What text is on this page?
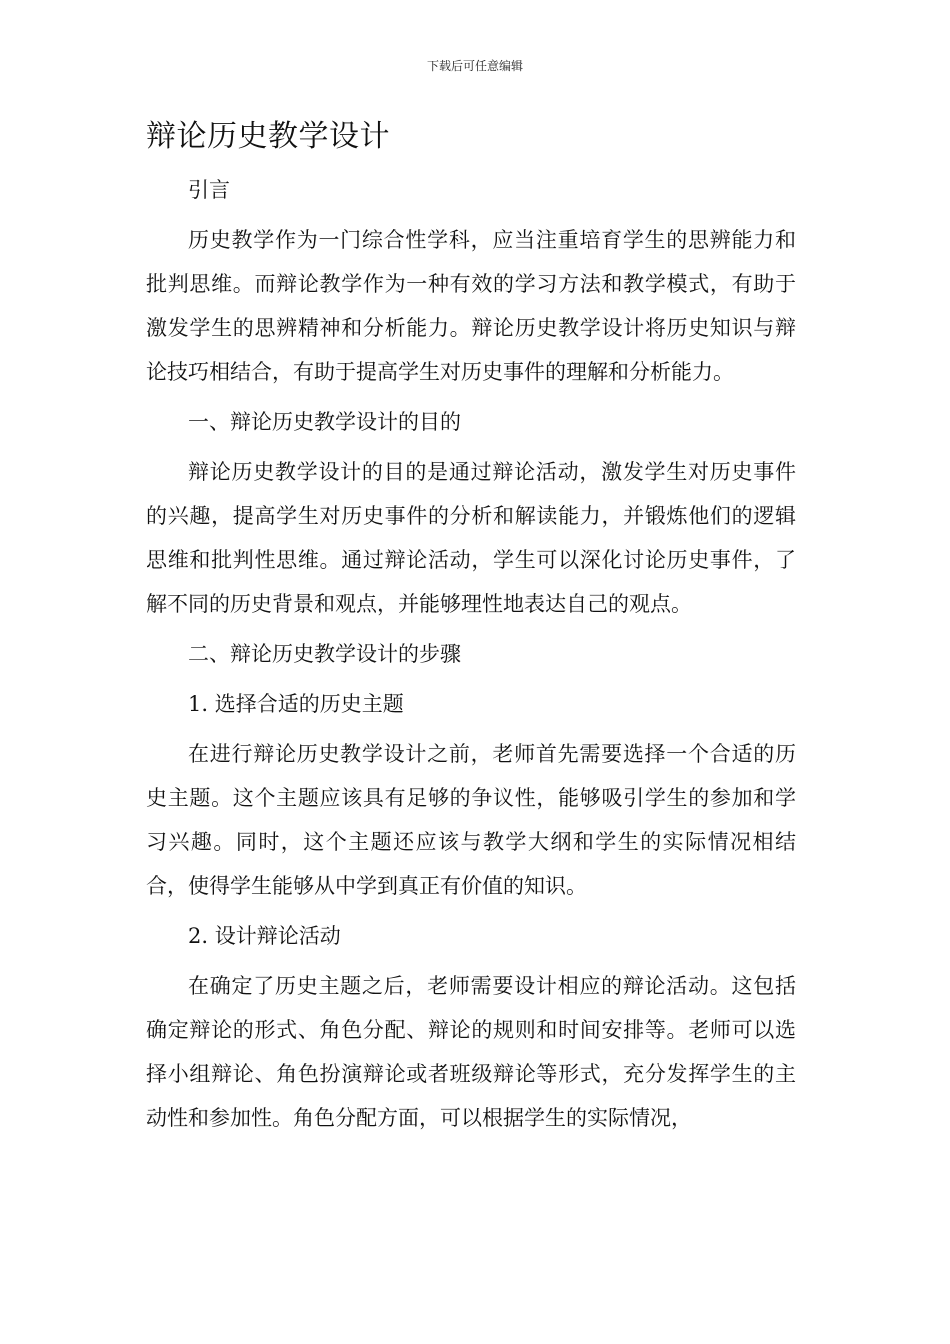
下载后可任意编辑
辩论历史教学设计

引言

历史教学作为一门综合性学科，应当注重培育学生的思辨能力和批判思维。而辩论教学作为一种有效的学习方法和教学模式，有助于激发学生的思辨精神和分析能力。辩论历史教学设计将历史知识与辩论技巧相结合，有助于提高学生对历史事件的理解和分析能力。

一、辩论历史教学设计的目的

辩论历史教学设计的目的是通过辩论活动，激发学生对历史事件的兴趣，提高学生对历史事件的分析和解读能力，并锻炼他们的逻辑思维和批判性思维。通过辩论活动，学生可以深化讨论历史事件，了解不同的历史背景和观点，并能够理性地表达自己的观点。

二、辩论历史教学设计的步骤

1. 选择合适的历史主题

在进行辩论历史教学设计之前，老师首先需要选择一个合适的历史主题。这个主题应该具有足够的争议性，能够吸引学生的参加和学习兴趣。同时，这个主题还应该与教学大纲和学生的实际情况相结合，使得学生能够从中学到真正有价值的知识。

2. 设计辩论活动

在确定了历史主题之后，老师需要设计相应的辩论活动。这包括确定辩论的形式、角色分配、辩论的规则和时间安排等。老师可以选择小组辩论、角色扮演辩论或者班级辩论等形式，充分发挥学生的主动性和参加性。角色分配方面，可以根据学生的实际情况，
